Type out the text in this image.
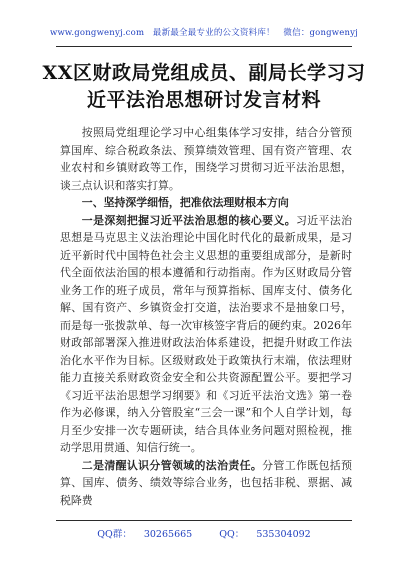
www.gongwenyj.com　最新最全最专业的公文资料库！　微信：gongwenyj
XX区财政局党组成员、副局长学习习近平法治思想研讨发言材料

按照局党组理论学习中心组集体学习安排，结合分管预算国库、综合税政条法、预算绩效管理、国有资产管理、农业农村和乡镇财政等工作，围绕学习贯彻习近平法治思想，谈三点认识和落实打算。

一、坚持深学细悟，把准依法理财根本方向

一是深刻把握习近平法治思想的核心要义。习近平法治思想是马克思主义法治理论中国化时代化的最新成果，是习近平新时代中国特色社会主义思想的重要组成部分，是新时代全面依法治国的根本遵循和行动指南。作为区财政局分管业务工作的班子成员，常年与预算指标、国库支付、债务化解、国有资产、乡镇资金打交道，法治要求不是抽象口号，而是每一张拨款单、每一次审核签字背后的硬约束。2026年财政部部署深入推进财政法治体系建设，把提升财政工作法治化水平作为目标。区级财政处于政策执行末端，依法理财能力直接关系财政资金安全和公共资源配置公平。要把学习《习近平法治思想学习纲要》和《习近平法治文选》第一卷作为必修课，纳入分管股室“三会一课”和个人自学计划，每月至少安排一次专题研读，结合具体业务问题对照检视，推动学思用贯通、知信行统一。

二是清醒认识分管领域的法治责任。分管工作既包括预算、国库、债务、绩效等综合业务，也包括非税、票据、减税降费

QQ群： 30265665	QQ： 535304092
